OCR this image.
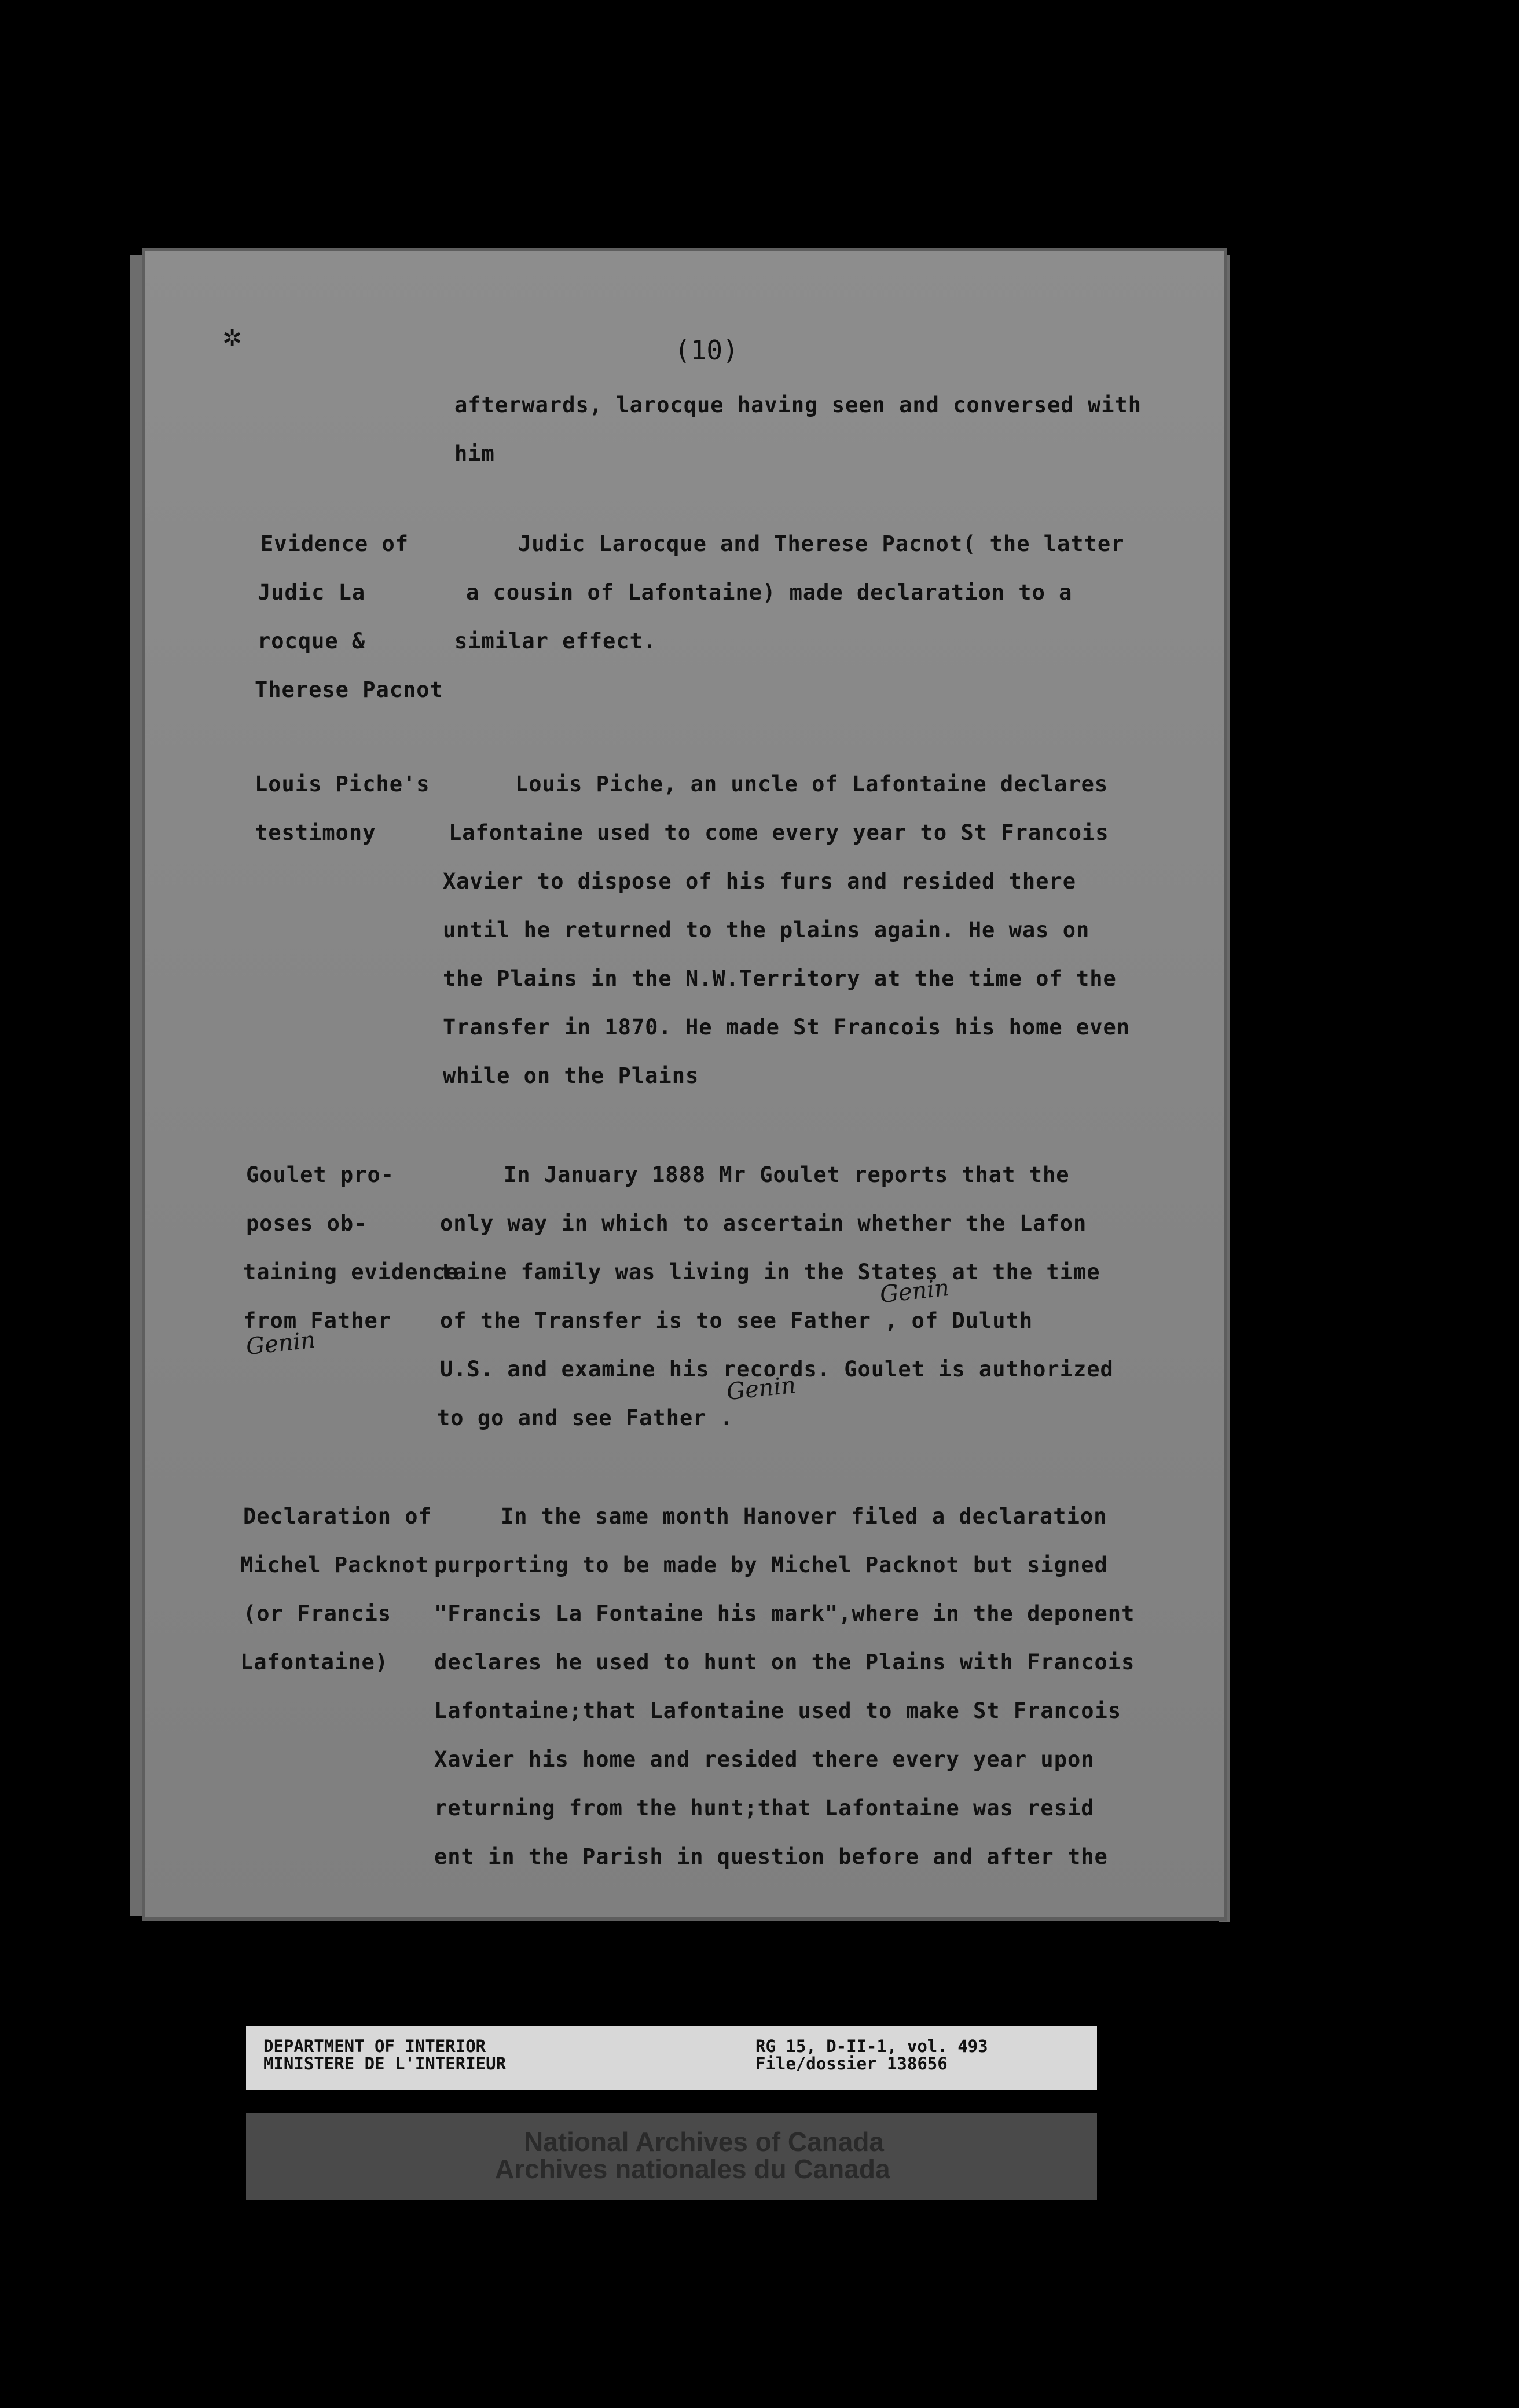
✲	(10)
afterwards, larocque having seen and conversed with
him
Judic Larocque and Therese Pacnot( the latter
a cousin of Lafontaine) made declaration to a
similar effect.
Louis Piche, an uncle of Lafontaine declares
Lafontaine used to come every year to St Francois
Xavier to dispose of his furs and resided there
until he returned to the plains again. He was on
the Plains in the N.W.Territory at the time of the
Transfer in 1870. He made St Francois his home even
while on the Plains
In January 1888 Mr Goulet reports that the
only way in which to ascertain whether the Lafon
taine family was living in the States at the time
of the Transfer is to see Father , of Duluth
U.S. and examine his records. Goulet is authorized
to go and see Father .
In the same month Hanover filed a declaration
purporting to be made by Michel Packnot but signed
"Francis La Fontaine his mark",where in the deponent
declares he used to hunt on the Plains with Francois
Lafontaine;that Lafontaine used to make St Francois
Xavier his home and resided there every year upon
returning from the hunt;that Lafontaine was resid
ent in the Parish in question before and after the
Genin
Genin
Evidence of
Judic La
rocque &
Therese Pacnot
Louis Piche's
testimony
Goulet pro-
poses ob-
taining evidence
from Father
Genin
Declaration of
Michel Packnot
(or Francis
Lafontaine)
DEPARTMENT OF INTERIOR
MINISTERE DE L'INTERIEUR
RG 15, D-II-1, vol. 493
File/dossier 138656
National Archives of Canada
Archives nationales du Canada
